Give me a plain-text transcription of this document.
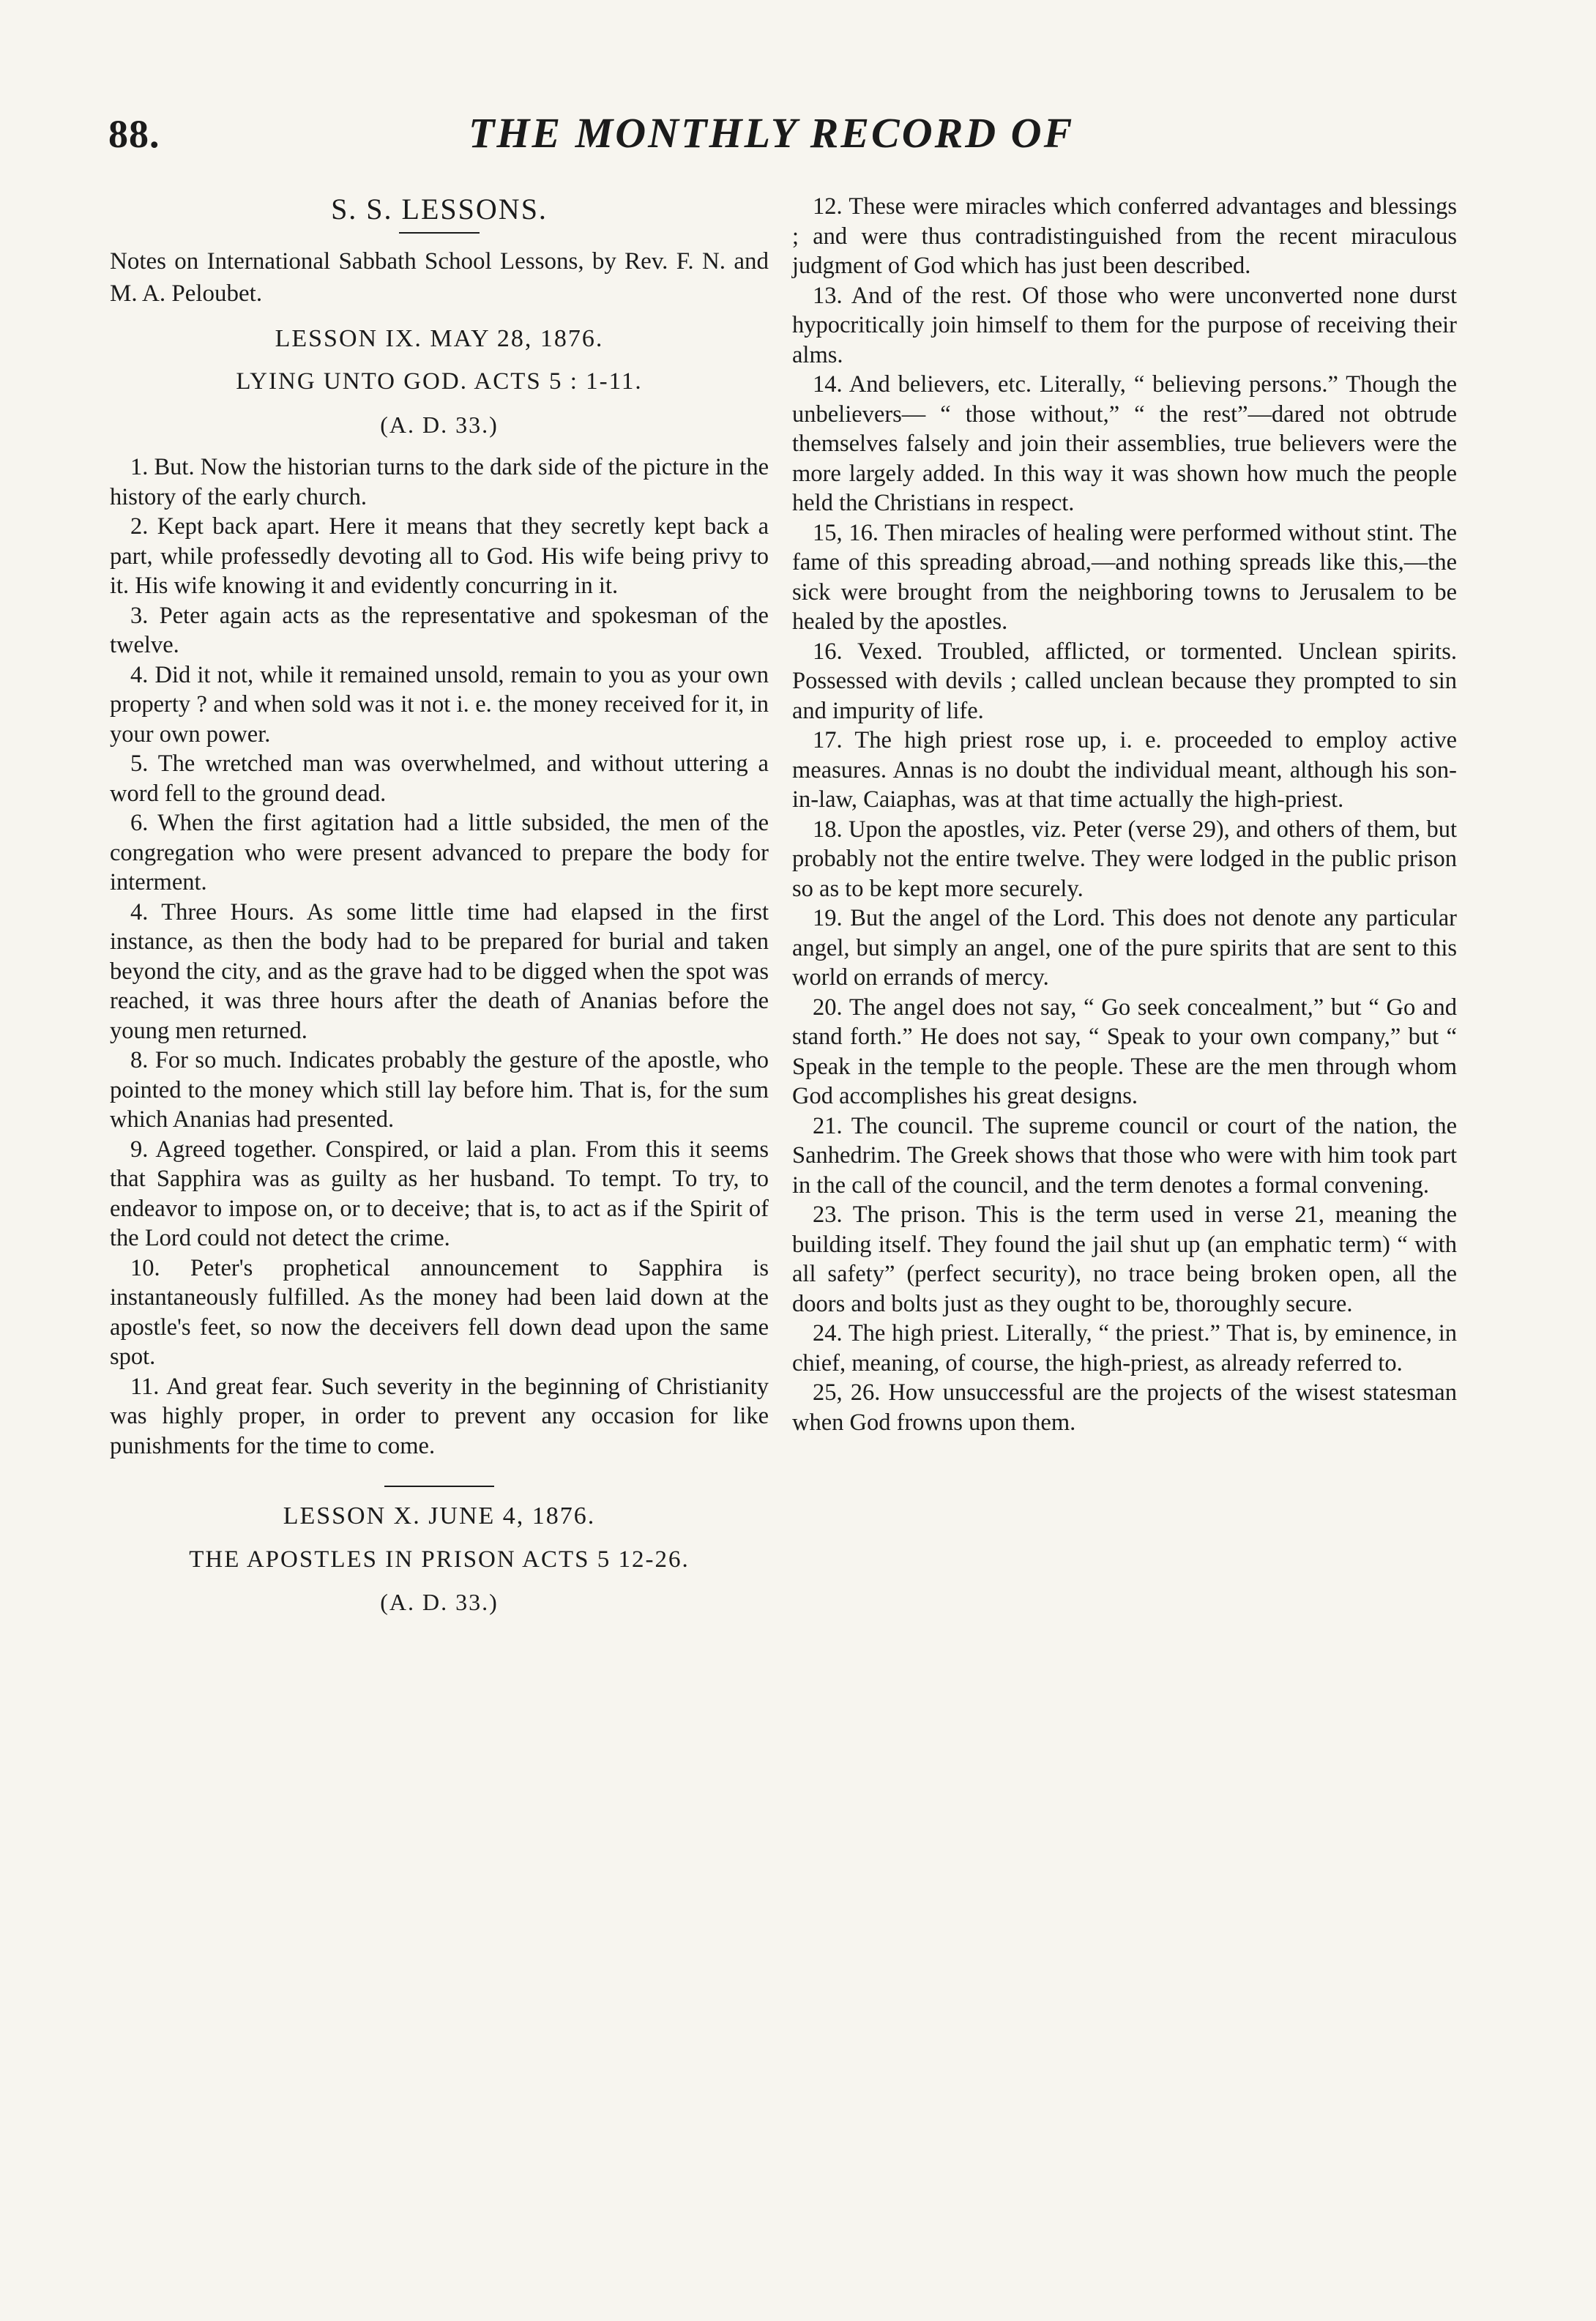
88.	THE MONTHLY RECORD OF
S. S. LESSONS.

Notes on International Sabbath School Lessons, by Rev. F. N. and M. A. Peloubet.

LESSON IX. MAY 28, 1876.
LYING UNTO GOD. ACTS 5 : 1-11.
(A. D. 33.)

1. But. Now the historian turns to the dark side of the picture in the history of the early church.

2. Kept back apart. Here it means that they secretly kept back a part, while professedly devoting all to God. His wife being privy to it. His wife knowing it and evidently concurring in it.

3. Peter again acts as the representative and spokesman of the twelve.

4. Did it not, while it remained unsold, remain to you as your own property ? and when sold was it not i. e. the money received for it, in your own power.

5. The wretched man was overwhelmed, and without uttering a word fell to the ground dead.

6. When the first agitation had a little subsided, the men of the congregation who were present advanced to prepare the body for interment.

4. Three Hours. As some little time had elapsed in the first instance, as then the body had to be prepared for burial and taken beyond the city, and as the grave had to be digged when the spot was reached, it was three hours after the death of Ananias before the young men returned.

8. For so much. Indicates probably the gesture of the apostle, who pointed to the money which still lay before him. That is, for the sum which Ananias had presented.

9. Agreed together. Conspired, or laid a plan. From this it seems that Sapphira was as guilty as her husband. To tempt. To try, to endeavor to impose on, or to deceive; that is, to act as if the Spirit of the Lord could not detect the crime.

10. Peter's prophetical announcement to Sapphira is instantaneously fulfilled. As the money had been laid down at the apostle's feet, so now the deceivers fell down dead upon the same spot.

11. And great fear. Such severity in the beginning of Christianity was highly proper, in order to prevent any occasion for like punishments for the time to come.

LESSON X. JUNE 4, 1876.
THE APOSTLES IN PRISON ACTS 5 12-26.
(A. D. 33.)

12. These were miracles which conferred advantages and blessings ; and were thus contradistinguished from the recent miraculous judgment of God which has just been described.

13. And of the rest. Of those who were unconverted none durst hypocritically join himself to them for the purpose of receiving their alms.

14. And believers, etc. Literally, “ believing persons.” Though the unbelievers— “ those without,” “ the rest”—dared not obtrude themselves falsely and join their assemblies, true believers were the more largely added. In this way it was shown how much the people held the Christians in respect.

15, 16. Then miracles of healing were performed without stint. The fame of this spreading abroad,—and nothing spreads like this,—the sick were brought from the neighboring towns to Jerusalem to be healed by the apostles.

16. Vexed. Troubled, afflicted, or tormented. Unclean spirits. Possessed with devils ; called unclean because they prompted to sin and impurity of life.

17. The high priest rose up, i. e. proceeded to employ active measures. Annas is no doubt the individual meant, although his son-in-law, Caiaphas, was at that time actually the high-priest.

18. Upon the apostles, viz. Peter (verse 29), and others of them, but probably not the entire twelve. They were lodged in the public prison so as to be kept more securely.

19. But the angel of the Lord. This does not denote any particular angel, but simply an angel, one of the pure spirits that are sent to this world on errands of mercy.

20. The angel does not say, “ Go seek concealment,” but “ Go and stand forth.” He does not say, “ Speak to your own company,” but “ Speak in the temple to the people. These are the men through whom God accomplishes his great designs.

21. The council. The supreme council or court of the nation, the Sanhedrim. The Greek shows that those who were with him took part in the call of the council, and the term denotes a formal convening.

23. The prison. This is the term used in verse 21, meaning the building itself. They found the jail shut up (an emphatic term) “ with all safety” (perfect security), no trace being broken open, all the doors and bolts just as they ought to be, thoroughly secure.

24. The high priest. Literally, “ the priest.” That is, by eminence, in chief, meaning, of course, the high-priest, as already referred to.

25, 26. How unsuccessful are the projects of the wisest statesman when God frowns upon them.
